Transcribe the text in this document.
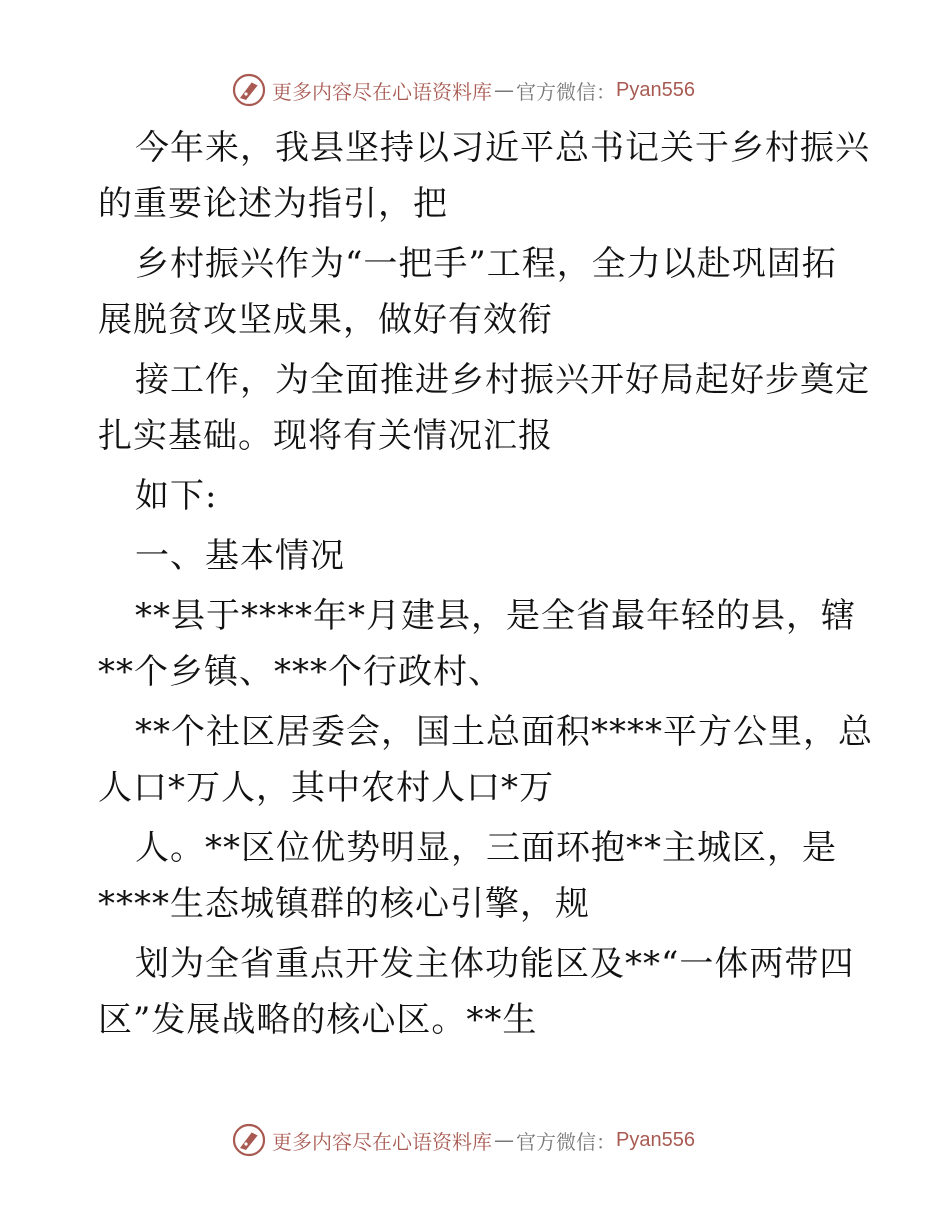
更多内容尽在心语资料库 — 官方微信： Pyan556
今年来，我县坚持以习近平总书记关于乡村振兴
的重要论述为指引，把
乡村振兴作为“一把手”工程，全力以赴巩固拓
展脱贫攻坚成果，做好有效衔
接工作，为全面推进乡村振兴开好局起好步奠定
扎实基础。现将有关情况汇报
如下:
一、基本情况
**县于****年*月建县，是全省最年轻的县，辖
**个乡镇、***个行政村、
**个社区居委会，国土总面积****平方公里，总
人口*万人，其中农村人口*万
人。**区位优势明显，三面环抱**主城区，是
****生态城镇群的核心引擎，规
划为全省重点开发主体功能区及**“一体两带四
区”发展战略的核心区。**生
更多内容尽在心语资料库 — 官方微信： Pyan556
